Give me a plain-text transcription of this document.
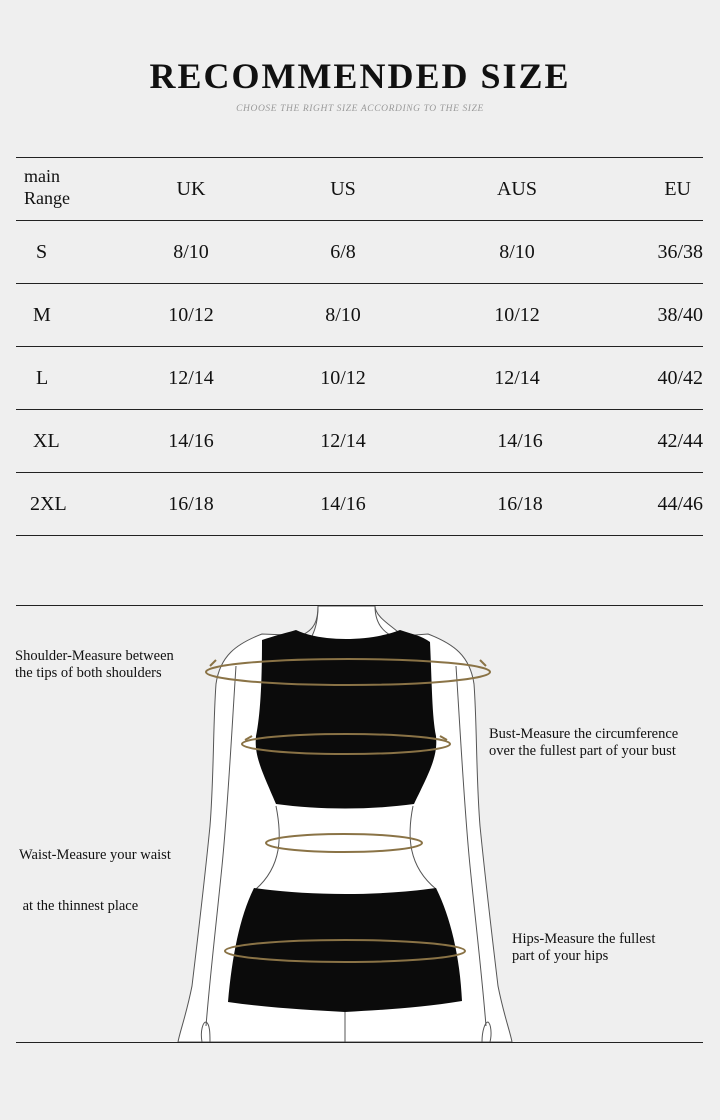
RECOMMENDED SIZE
CHOOSE THE RIGHT SIZE ACCORDING TO THE SIZE
main
Range	UK	US	AUS	EU
S	8/10	6/8	8/10	36/38
M	10/12	8/10	10/12	38/40
L	12/14	10/12	12/14	40/42
XL	14/16	12/14	14/16	42/44
2XL	16/18	14/16	16/18	44/46
Shoulder-Measure between
the tips of both shoulders
Bust-Measure the circumference
over the fullest part of your bust

Waist-Measure your waist

at the thinnest place

Hips-Measure the fullest
part of your hips
